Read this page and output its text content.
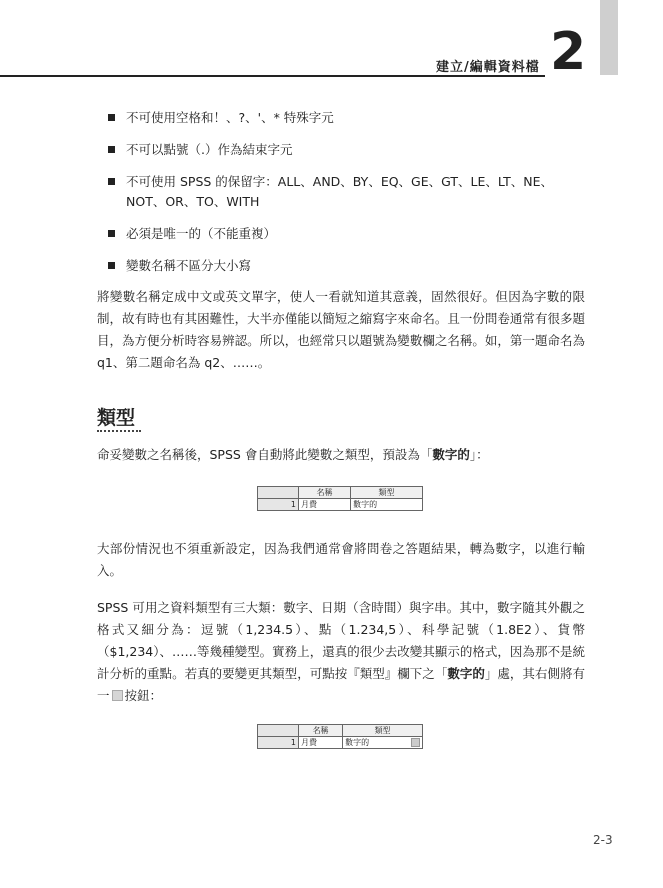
建立/編輯資料檔 2
不可使用空格和！、?、'、* 特殊字元
不可以點號（.）作為結束字元
不可使用 SPSS 的保留字：ALL、AND、BY、EQ、GE、GT、LE、LT、NE、NOT、OR、TO、WITH
必須是唯一的（不能重複）
變數名稱不區分大小寫

將變數名稱定成中文或英文單字，使人一看就知道其意義，固然很好。但因為字數的限制，故有時也有其困難性，大半亦僅能以簡短之縮寫字來命名。且一份問卷通常有很多題目，為方便分析時容易辨認。所以，也經常只以題號為變數欄之名稱。如，第一題命名為 q1、第二題命名為 q2、……。

類型

命妥變數之名稱後，SPSS 會自動將此變數之類型，預設為「數字的」：

	名稱	類型
1	月費	數字的

大部份情況也不須重新設定，因為我們通常會將問卷之答題結果，轉為數字，以進行輸入。

SPSS 可用之資料類型有三大類：數字、日期（含時間）與字串。其中，數字隨其外觀之格式又細分為：逗號（1,234.5）、點（1.234,5）、科學記號（1.8E2）、貨幣（$1,234）、……等幾種變型。實務上，還真的很少去改變其顯示的格式，因為那不是統計分析的重點。若真的要變更其類型，可點按『類型』欄下之「數字的」處，其右側將有一 按鈕：

	名稱	類型
1	月費	數字的
2-3
